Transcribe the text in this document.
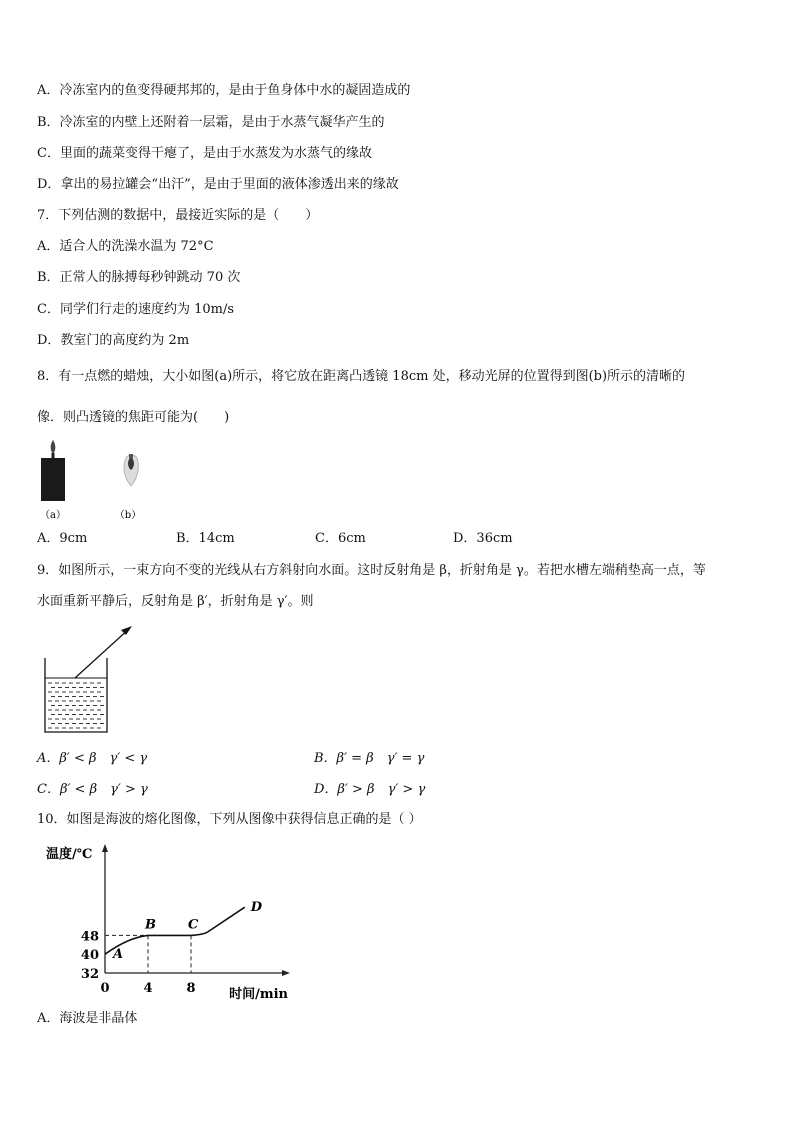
A．冷冻室内的鱼变得硬邦邦的，是由于鱼身体中水的凝固造成的
B．冷冻室的内壁上还附着一层霜，是由于水蒸气凝华产生的
C．里面的蔬菜变得干瘪了，是由于水蒸发为水蒸气的缘故
D．拿出的易拉罐会“出汗”，是由于里面的液体渗透出来的缘故
7．下列估测的数据中，最接近实际的是（　　）
A．适合人的洗澡水温为 72°C
B．正常人的脉搏每秒钟跳动 70 次
C．同学们行走的速度约为 10m/s
D．教室门的高度约为 2m
8．有一点燃的蜡烛，大小如图(a)所示，将它放在距离凸透镜 18cm 处，移动光屏的位置得到图(b)所示的清晰的
像．则凸透镜的焦距可能为(　　)
（a）	（b）
A．9cm	B．14cm	C．6cm	D．36cm
9．如图所示，一束方向不变的光线从右方斜射向水面。这时反射角是 β，折射角是 γ。若把水槽左端稍垫高一点，等
水面重新平静后，反射角是 β′，折射角是 γ′。则
A．β′ < β　γ′ < γ	B．β′ = β　γ′ = γ
C．β′ < β　γ′ > γ	D．β′ > β　γ′ > γ
10．如图是海波的熔化图像，下列从图像中获得信息正确的是（ ）
温度/℃
时间/min
32
40
48
0	4	8
A
B C
D
A．海波是非晶体
